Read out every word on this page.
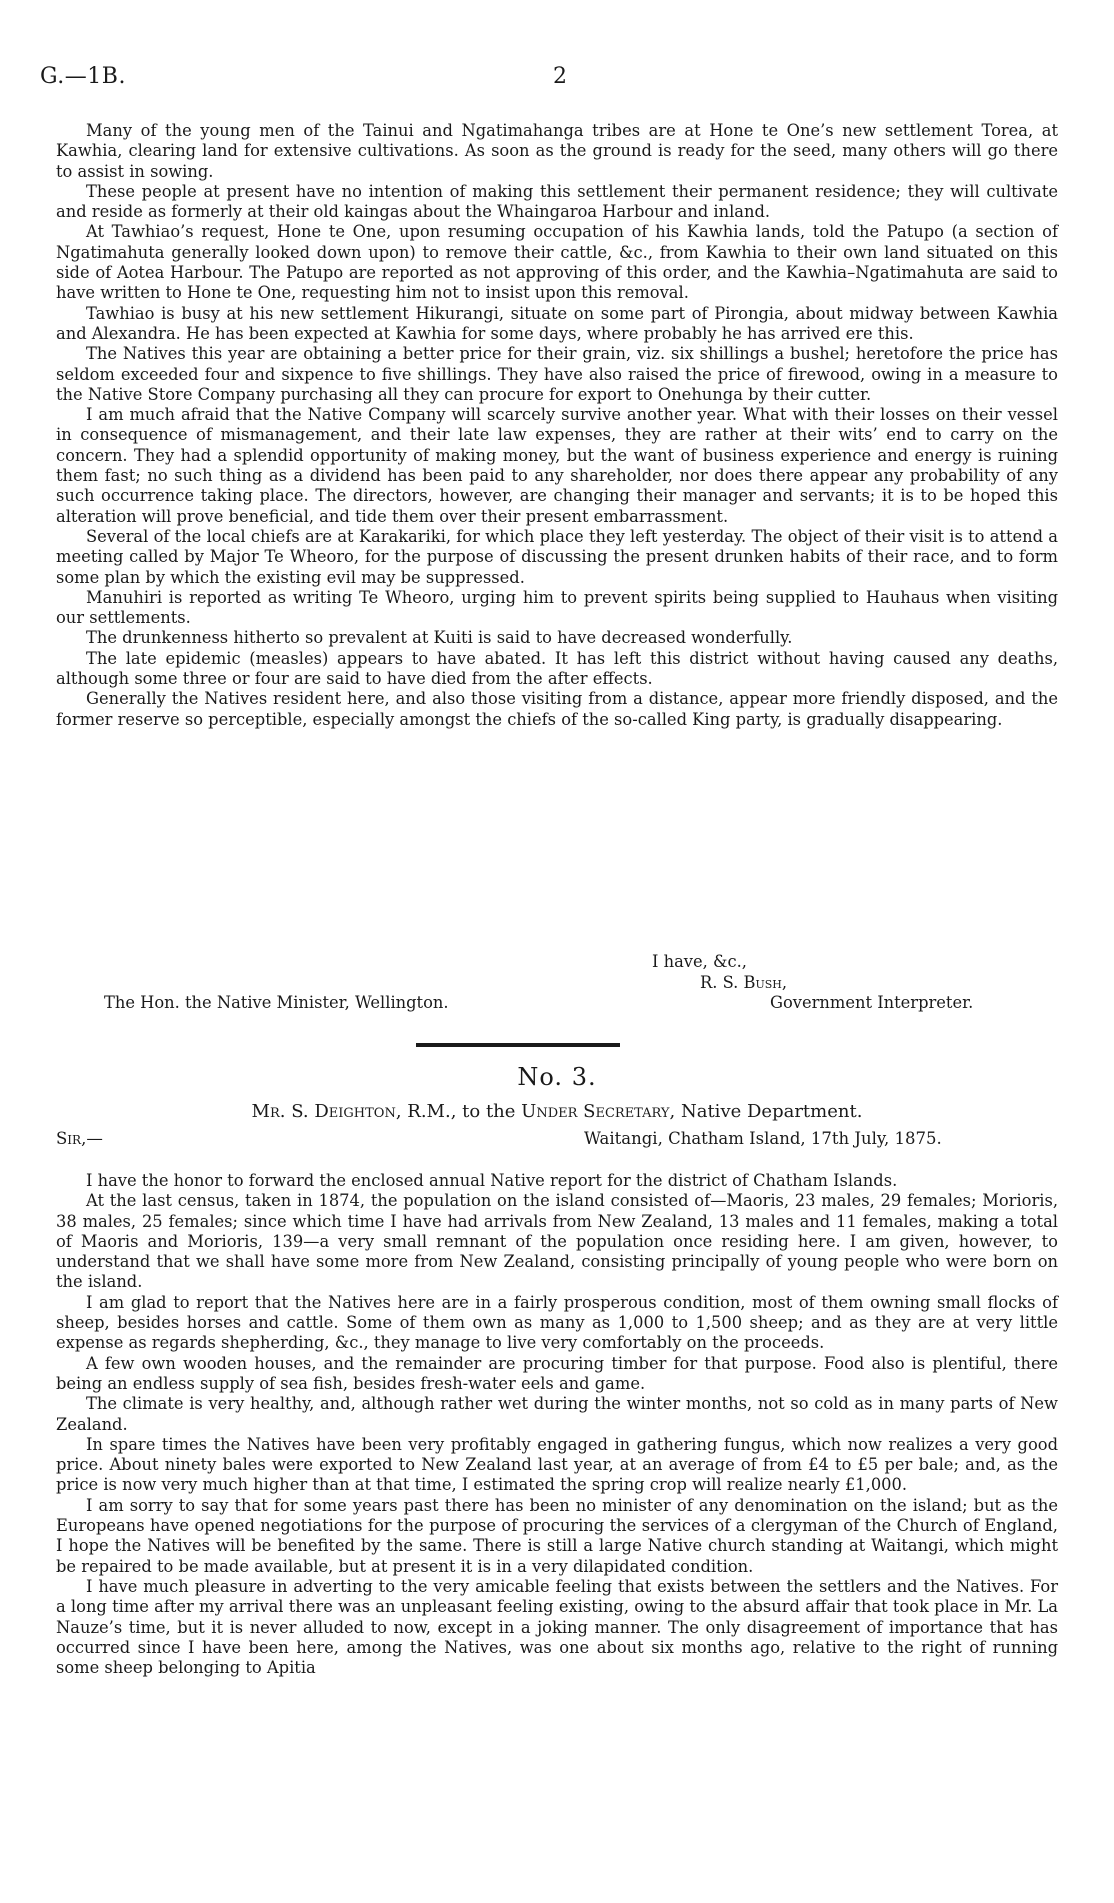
G.—1B.	2

Many of the young men of the Tainui and Ngatimahanga tribes are at Hone te One’s new settlement Torea, at Kawhia, clearing land for extensive cultivations. As soon as the ground is ready for the seed, many others will go there to assist in sowing.

These people at present have no intention of making this settlement their permanent residence; they will cultivate and reside as formerly at their old kaingas about the Whaingaroa Harbour and inland.

At Tawhiao’s request, Hone te One, upon resuming occupation of his Kawhia lands, told the Patupo (a section of Ngatimahuta generally looked down upon) to remove their cattle, &c., from Kawhia to their own land situated on this side of Aotea Harbour. The Patupo are reported as not approving of this order, and the Kawhia–Ngatimahuta are said to have written to Hone te One, requesting him not to insist upon this removal.

Tawhiao is busy at his new settlement Hikurangi, situate on some part of Pirongia, about midway between Kawhia and Alexandra. He has been expected at Kawhia for some days, where probably he has arrived ere this.

The Natives this year are obtaining a better price for their grain, viz. six shillings a bushel; heretofore the price has seldom exceeded four and sixpence to five shillings. They have also raised the price of firewood, owing in a measure to the Native Store Company purchasing all they can procure for export to Onehunga by their cutter.

I am much afraid that the Native Company will scarcely survive another year. What with their losses on their vessel in consequence of mismanagement, and their late law expenses, they are rather at their wits’ end to carry on the concern. They had a splendid opportunity of making money, but the want of business experience and energy is ruining them fast; no such thing as a dividend has been paid to any shareholder, nor does there appear any probability of any such occurrence taking place. The directors, however, are changing their manager and servants; it is to be hoped this alteration will prove beneficial, and tide them over their present embarrassment.

Several of the local chiefs are at Karakariki, for which place they left yesterday. The object of their visit is to attend a meeting called by Major Te Wheoro, for the purpose of discussing the present drunken habits of their race, and to form some plan by which the existing evil may be suppressed.

Manuhiri is reported as writing Te Wheoro, urging him to prevent spirits being supplied to Hauhaus when visiting our settlements.

The drunkenness hitherto so prevalent at Kuiti is said to have decreased wonderfully.

The late epidemic (measles) appears to have abated. It has left this district without having caused any deaths, although some three or four are said to have died from the after effects.

Generally the Natives resident here, and also those visiting from a distance, appear more friendly disposed, and the former reserve so perceptible, especially amongst the chiefs of the so-called King party, is gradually disappearing.

I have, &c.,
R. S. Bush,
The Hon. the Native Minister, Wellington.	Government Interpreter.
No. 3.
Mr. S. Deighton, R.M., to the Under Secretary, Native Department.
Sir,—	Waitangi, Chatham Island, 17th July, 1875.

I have the honor to forward the enclosed annual Native report for the district of Chatham Islands.

At the last census, taken in 1874, the population on the island consisted of—Maoris, 23 males, 29 females; Morioris, 38 males, 25 females; since which time I have had arrivals from New Zealand, 13 males and 11 females, making a total of Maoris and Morioris, 139—a very small remnant of the population once residing here. I am given, however, to understand that we shall have some more from New Zealand, consisting principally of young people who were born on the island.

I am glad to report that the Natives here are in a fairly prosperous condition, most of them owning small flocks of sheep, besides horses and cattle. Some of them own as many as 1,000 to 1,500 sheep; and as they are at very little expense as regards shepherding, &c., they manage to live very comfortably on the proceeds.

A few own wooden houses, and the remainder are procuring timber for that purpose. Food also is plentiful, there being an endless supply of sea fish, besides fresh-water eels and game.

The climate is very healthy, and, although rather wet during the winter months, not so cold as in many parts of New Zealand.

In spare times the Natives have been very profitably engaged in gathering fungus, which now realizes a very good price. About ninety bales were exported to New Zealand last year, at an average of from £4 to £5 per bale; and, as the price is now very much higher than at that time, I estimated the spring crop will realize nearly £1,000.

I am sorry to say that for some years past there has been no minister of any denomination on the island; but as the Europeans have opened negotiations for the purpose of procuring the services of a clergyman of the Church of England, I hope the Natives will be benefited by the same. There is still a large Native church standing at Waitangi, which might be repaired to be made available, but at present it is in a very dilapidated condition.

I have much pleasure in adverting to the very amicable feeling that exists between the settlers and the Natives. For a long time after my arrival there was an unpleasant feeling existing, owing to the absurd affair that took place in Mr. La Nauze’s time, but it is never alluded to now, except in a joking manner. The only disagreement of importance that has occurred since I have been here, among the Natives, was one about six months ago, relative to the right of running some sheep belonging to Apitia
